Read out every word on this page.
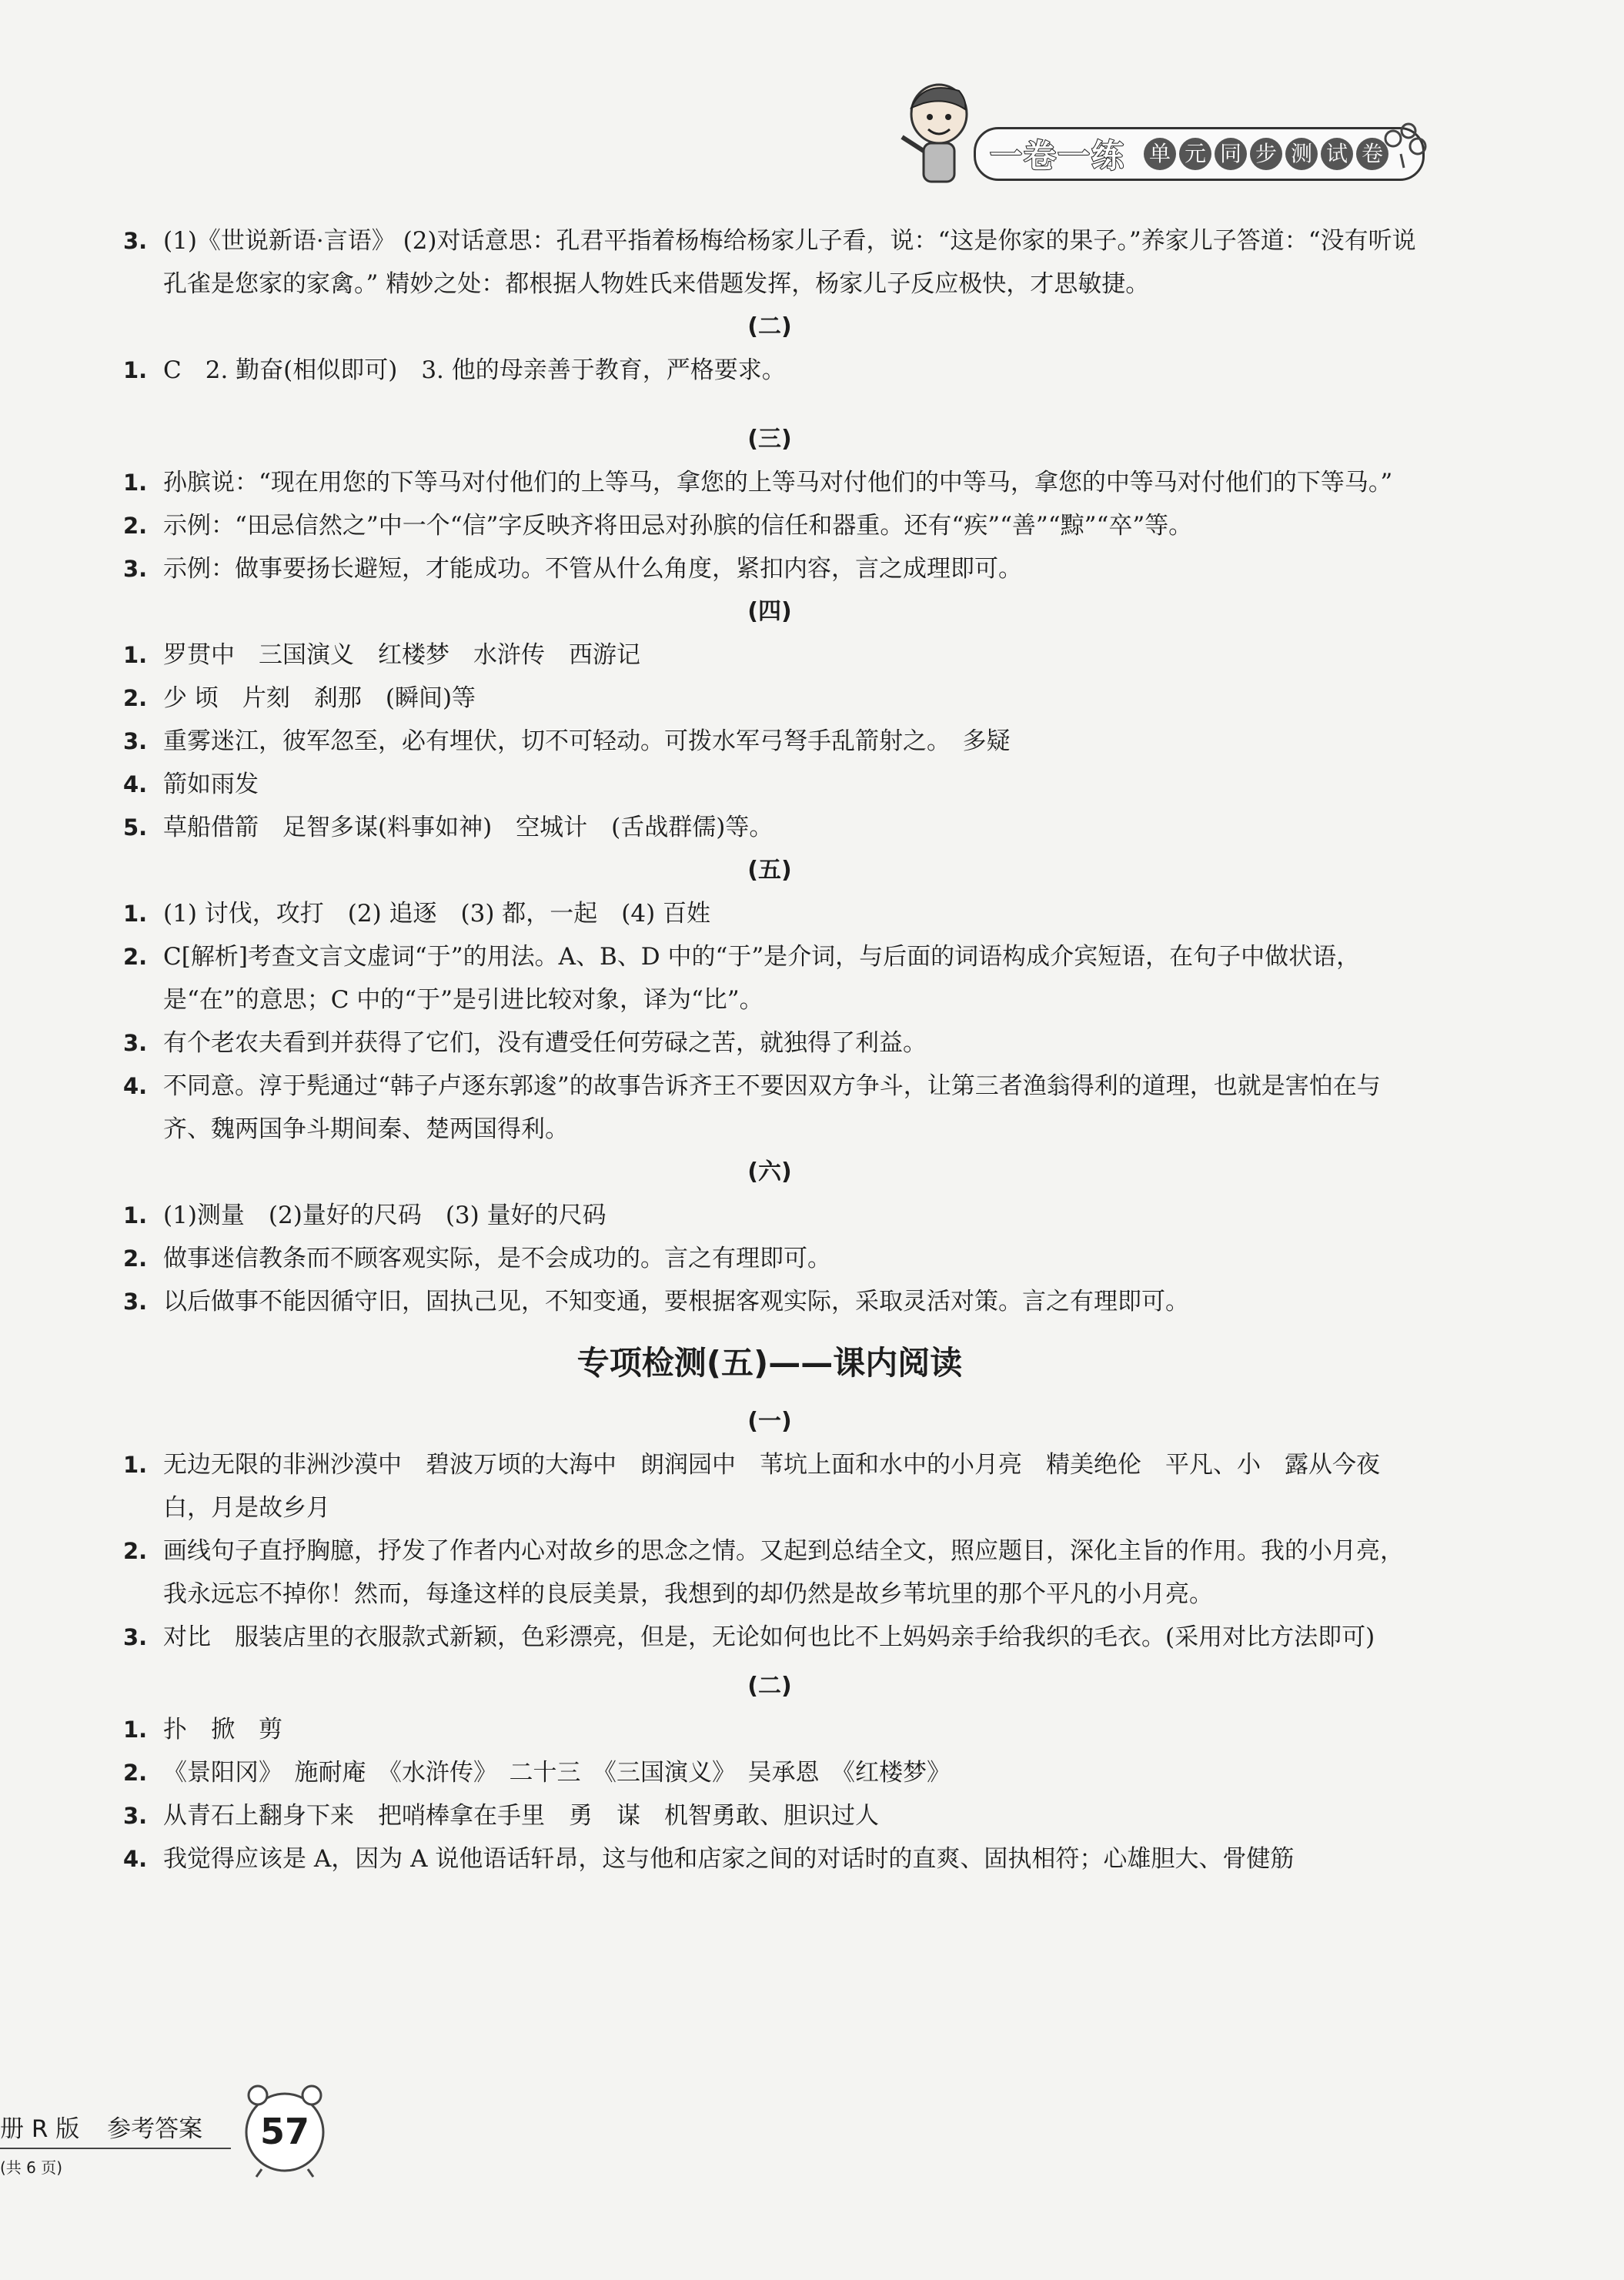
一卷一练	单 元 同 步 测 试 卷
3. (1)《世说新语·言语》 (2)对话意思：孔君平指着杨梅给杨家儿子看，说：“这是你家的果子。”养家儿子答道：“没有听说孔雀是您家的家禽。” 精妙之处：都根据人物姓氏来借题发挥，杨家儿子反应极快，才思敏捷。
(二)
1. C　2. 勤奋(相似即可)　3. 他的母亲善于教育，严格要求。
(三)
1. 孙膑说：“现在用您的下等马对付他们的上等马，拿您的上等马对付他们的中等马，拿您的中等马对付他们的下等马。”
2. 示例：“田忌信然之”中一个“信”字反映齐将田忌对孙膑的信任和器重。还有“疾”“善”“黥”“卒”等。
3. 示例：做事要扬长避短，才能成功。不管从什么角度，紧扣内容，言之成理即可。
(四)
1. 罗贯中　三国演义　红楼梦　水浒传　西游记
2. 少 顷　片刻　刹那　(瞬间)等
3. 重雾迷江，彼军忽至，必有埋伏，切不可轻动。可拨水军弓弩手乱箭射之。　多疑
4. 箭如雨发
5. 草船借箭　足智多谋(料事如神)　空城计　(舌战群儒)等。
(五)
1. (1) 讨伐，攻打　(2) 追逐　(3) 都，一起　(4) 百姓
2. C[解析]考查文言文虚词“于”的用法。A、B、D 中的“于”是介词，与后面的词语构成介宾短语，在句子中做状语，是“在”的意思；C 中的“于”是引进比较对象，译为“比”。
3. 有个老农夫看到并获得了它们，没有遭受任何劳碌之苦，就独得了利益。
4. 不同意。淳于髡通过“韩子卢逐东郭逡”的故事告诉齐王不要因双方争斗，让第三者渔翁得利的道理，也就是害怕在与齐、魏两国争斗期间秦、楚两国得利。
(六)
1. (1)测量　(2)量好的尺码　(3) 量好的尺码
2. 做事迷信教条而不顾客观实际，是不会成功的。言之有理即可。
3. 以后做事不能因循守旧，固执己见，不知变通，要根据客观实际，采取灵活对策。言之有理即可。
专项检测(五)——课内阅读
(一)
1. 无边无限的非洲沙漠中　碧波万顷的大海中　朗润园中　苇坑上面和水中的小月亮　精美绝伦　平凡、小　露从今夜白，月是故乡月
2. 画线句子直抒胸臆，抒发了作者内心对故乡的思念之情。又起到总结全文，照应题目，深化主旨的作用。我的小月亮，我永远忘不掉你！然而，每逢这样的良辰美景，我想到的却仍然是故乡苇坑里的那个平凡的小月亮。
3. 对比　服装店里的衣服款式新颖，色彩漂亮，但是，无论如何也比不上妈妈亲手给我织的毛衣。(采用对比方法即可)
(二)
1. 扑　掀　剪
2. 《景阳冈》　施耐庵　《水浒传》　二十三　《三国演义》　吴承恩　《红楼梦》
3. 从青石上翻身下来　把哨棒拿在手里　勇　谋　机智勇敢、胆识过人
4. 我觉得应该是 A，因为 A 说他语话轩昂，这与他和店家之间的对话时的直爽、固执相符；心雄胆大、骨健筋
册 R 版 参考答案
(共 6 页)
57
